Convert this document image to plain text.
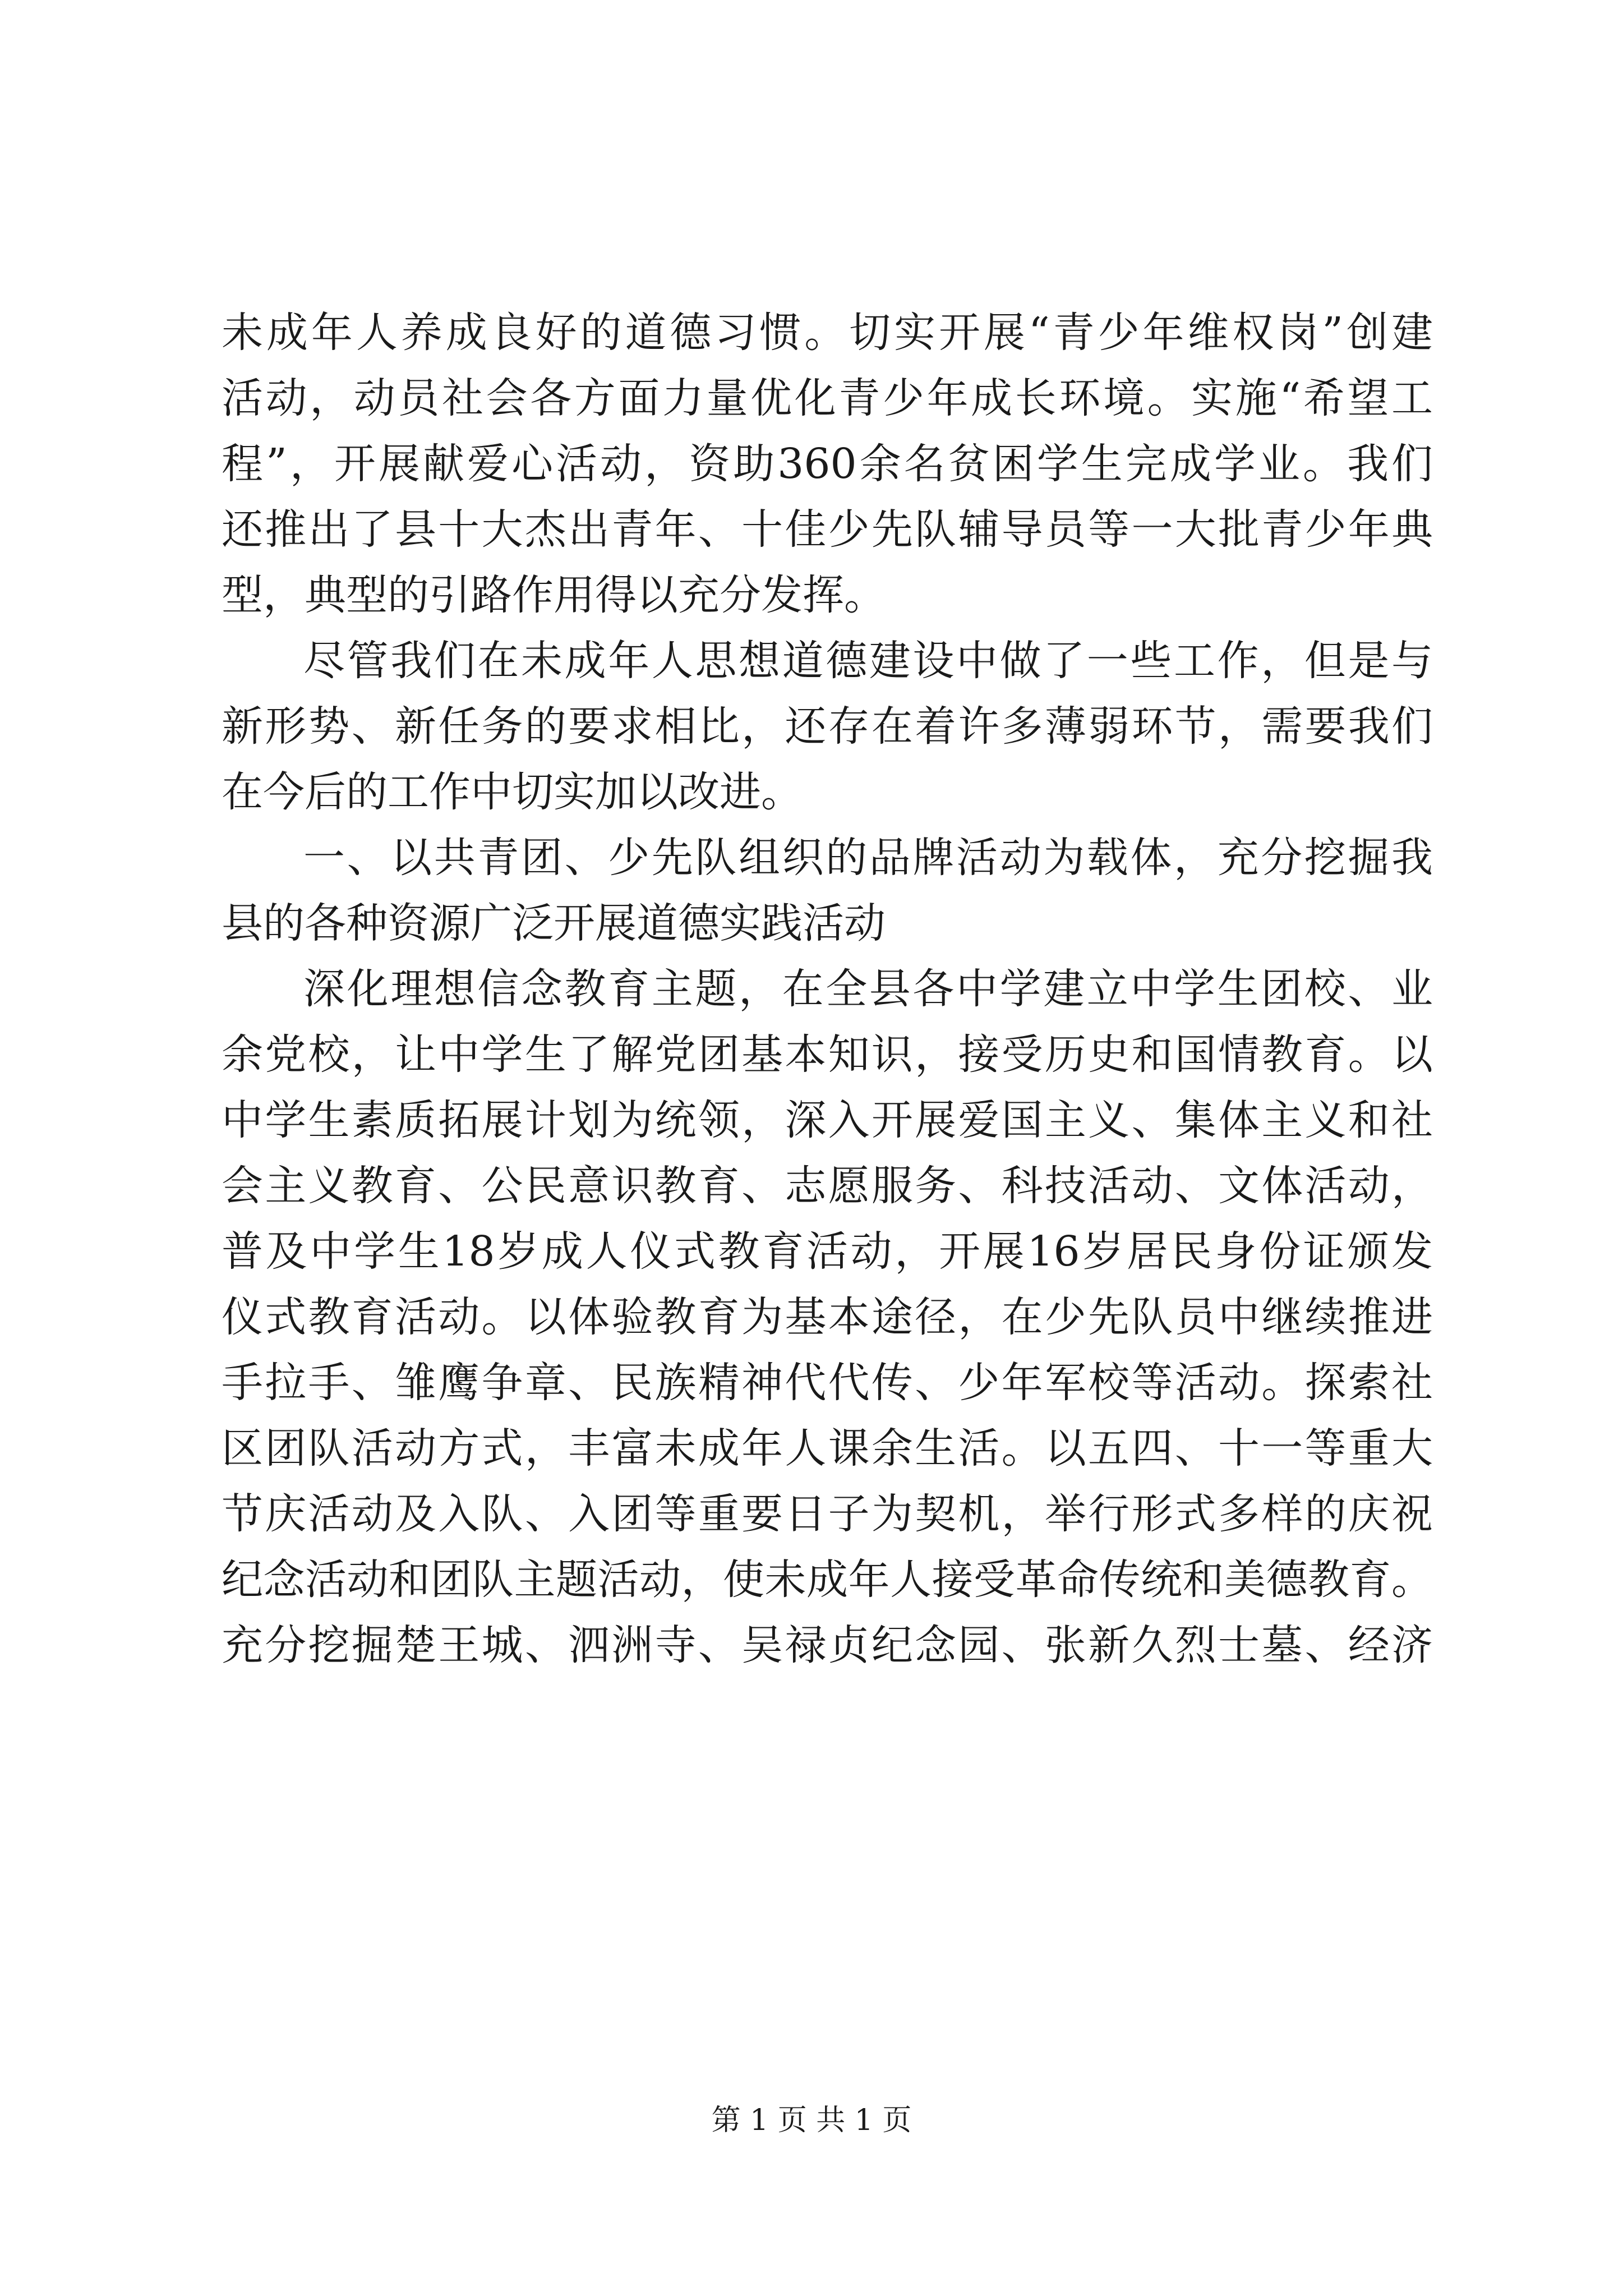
未成年人养成良好的道德习惯。切实开展“青少年维权岗”创建
活动，动员社会各方面力量优化青少年成长环境。实施“希望工
程”，开展献爱心活动，资助360余名贫困学生完成学业。我们
还推出了县十大杰出青年、十佳少先队辅导员等一大批青少年典
型，典型的引路作用得以充分发挥。
尽管我们在未成年人思想道德建设中做了一些工作，但是与
新形势、新任务的要求相比，还存在着许多薄弱环节，需要我们
在今后的工作中切实加以改进。
一、以共青团、少先队组织的品牌活动为载体，充分挖掘我
县的各种资源广泛开展道德实践活动
深化理想信念教育主题，在全县各中学建立中学生团校、业
余党校，让中学生了解党团基本知识，接受历史和国情教育。以
中学生素质拓展计划为统领，深入开展爱国主义、集体主义和社
会主义教育、公民意识教育、志愿服务、科技活动、文体活动，
普及中学生18岁成人仪式教育活动，开展16岁居民身份证颁发
仪式教育活动。以体验教育为基本途径，在少先队员中继续推进
手拉手、雏鹰争章、民族精神代代传、少年军校等活动。探索社
区团队活动方式，丰富未成年人课余生活。以五四、十一等重大
节庆活动及入队、入团等重要日子为契机，举行形式多样的庆祝
纪念活动和团队主题活动，使未成年人接受革命传统和美德教育。
充分挖掘楚王城、泗洲寺、吴禄贞纪念园、张新久烈士墓、经济
第 1 页 共 1 页
